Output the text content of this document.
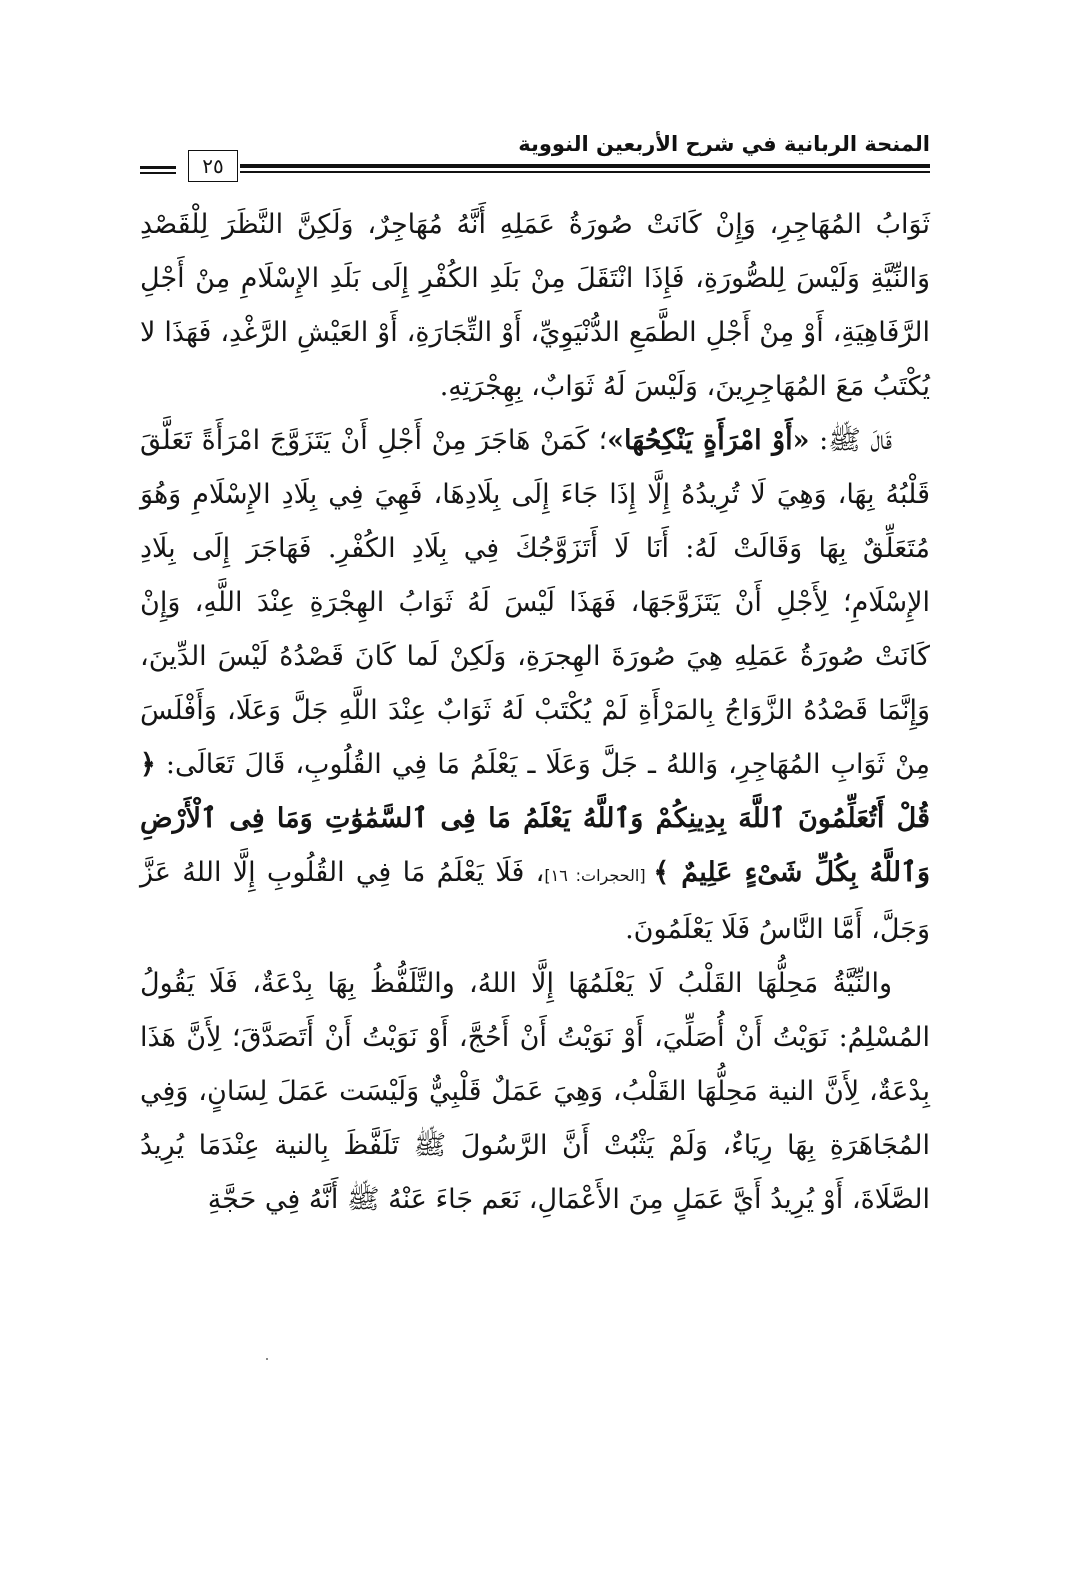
المنحة الربانية في شرح الأربعين النووية
٢٥

ثَوَابُ المُهَاجِرِ، وَإِنْ كَانَتْ صُورَةُ عَمَلِهِ أَنَّهُ مُهَاجِرٌ، وَلَكِنَّ النَّظَرَ لِلْقَصْدِ وَالنِّيَّةِ وَلَيْسَ لِلصُّورَةِ، فَإِذَا انْتَقَلَ مِنْ بَلَدِ الكُفْرِ إِلَى بَلَدِ الإِسْلَامِ مِنْ أَجْلِ الرَّفَاهِيَةِ، أَوْ مِنْ أَجْلِ الطَّمَعِ الدُّنْيَوِيِّ، أَوْ التِّجَارَةِ، أَوْ العَيْشِ الرَّغْدِ، فَهَذَا لا يُكْتَبُ مَعَ المُهَاجِرِينَ، وَلَيْسَ لَهُ ثَوَابٌ، بِهِجْرَتِهِ.

قَالَ ﷺ: «أَوْ امْرَأَةٍ يَنْكِحُهَا»؛ كَمَنْ هَاجَرَ مِنْ أَجْلِ أَنْ يَتَزَوَّجَ امْرَأَةً تَعَلَّقَ قَلْبُهُ بِهَا، وَهِيَ لَا تُرِيدُهُ إِلَّا إِذَا جَاءَ إِلَى بِلَادِهَا، فَهِيَ فِي بِلَادِ الإِسْلَامِ وَهُوَ مُتَعَلِّقٌ بِهَا وَقَالَتْ لَهُ: أَنَا لَا أَتَزَوَّجُكَ فِي بِلَادِ الكُفْرِ. فَهَاجَرَ إِلَى بِلَادِ الإِسْلَامِ؛ لِأَجْلِ أَنْ يَتَزَوَّجَهَا، فَهَذَا لَيْسَ لَهُ ثَوَابُ الهِجْرَةِ عِنْدَ اللَّهِ، وَإِنْ كَانَتْ صُورَةُ عَمَلِهِ هِيَ صُورَةَ الهِجرَةِ، وَلَكِنْ لَما كَانَ قَصْدُهُ لَيْسَ الدِّينَ، وَإِنَّمَا قَصْدُهُ الزَّوَاجُ بِالمَرْأَةِ لَمْ يُكْتَبْ لَهُ ثَوَابٌ عِنْدَ اللَّهِ جَلَّ وَعَلَا، وَأَفْلَسَ مِنْ ثَوَابِ المُهَاجِرِ، وَاللهُ ـ جَلَّ وَعَلَا ـ يَعْلَمُ مَا فِي القُلُوبِ، قَالَ تَعَالَى: ﴿ قُلْ أَتُعَلِّمُونَ ٱللَّهَ بِدِينِكُمْ وَٱللَّهُ يَعْلَمُ مَا فِى ٱلسَّمَٰوَٰتِ وَمَا فِى ٱلْأَرْضِ وَٱللَّهُ بِكُلِّ شَىْءٍ عَلِيمٌ ﴾ [الحجرات: ١٦]، فَلَا يَعْلَمُ مَا فِي القُلُوبِ إِلَّا اللهُ عَزَّ وَجَلَّ، أَمَّا النَّاسُ فَلَا يَعْلَمُونَ.

والنِّيَّةُ مَحِلُّهَا القَلْبُ لَا يَعْلَمُهَا إِلَّا اللهُ، والتَّلَفُّظُ بِهَا بِدْعَةٌ، فَلَا يَقُولُ المُسْلِمُ: نَوَيْتُ أَنْ أُصَلِّيَ، أَوْ نَوَيْتُ أَنْ أَحُجَّ، أَوْ نَوَيْتُ أَنْ أَتَصَدَّقَ؛ لِأَنَّ هَذَا بِدْعَةٌ، لِأَنَّ النية مَحِلُّهَا القَلْبُ، وَهِيَ عَمَلٌ قَلْبِيٌّ وَلَيْسَت عَمَلَ لِسَانٍ، وَفِي المُجَاهَرَةِ بِهَا رِيَاءٌ، وَلَمْ يَثْبُتْ أَنَّ الرَّسُولَ ﷺ تَلَفَّظَ بِالنية عِنْدَمَا يُرِيدُ الصَّلَاةَ، أَوْ يُرِيدُ أَيَّ عَمَلٍ مِنَ الأَعْمَالِ، نَعَم جَاءَ عَنْهُ ﷺ أَنَّهُ فِي حَجَّةِ
